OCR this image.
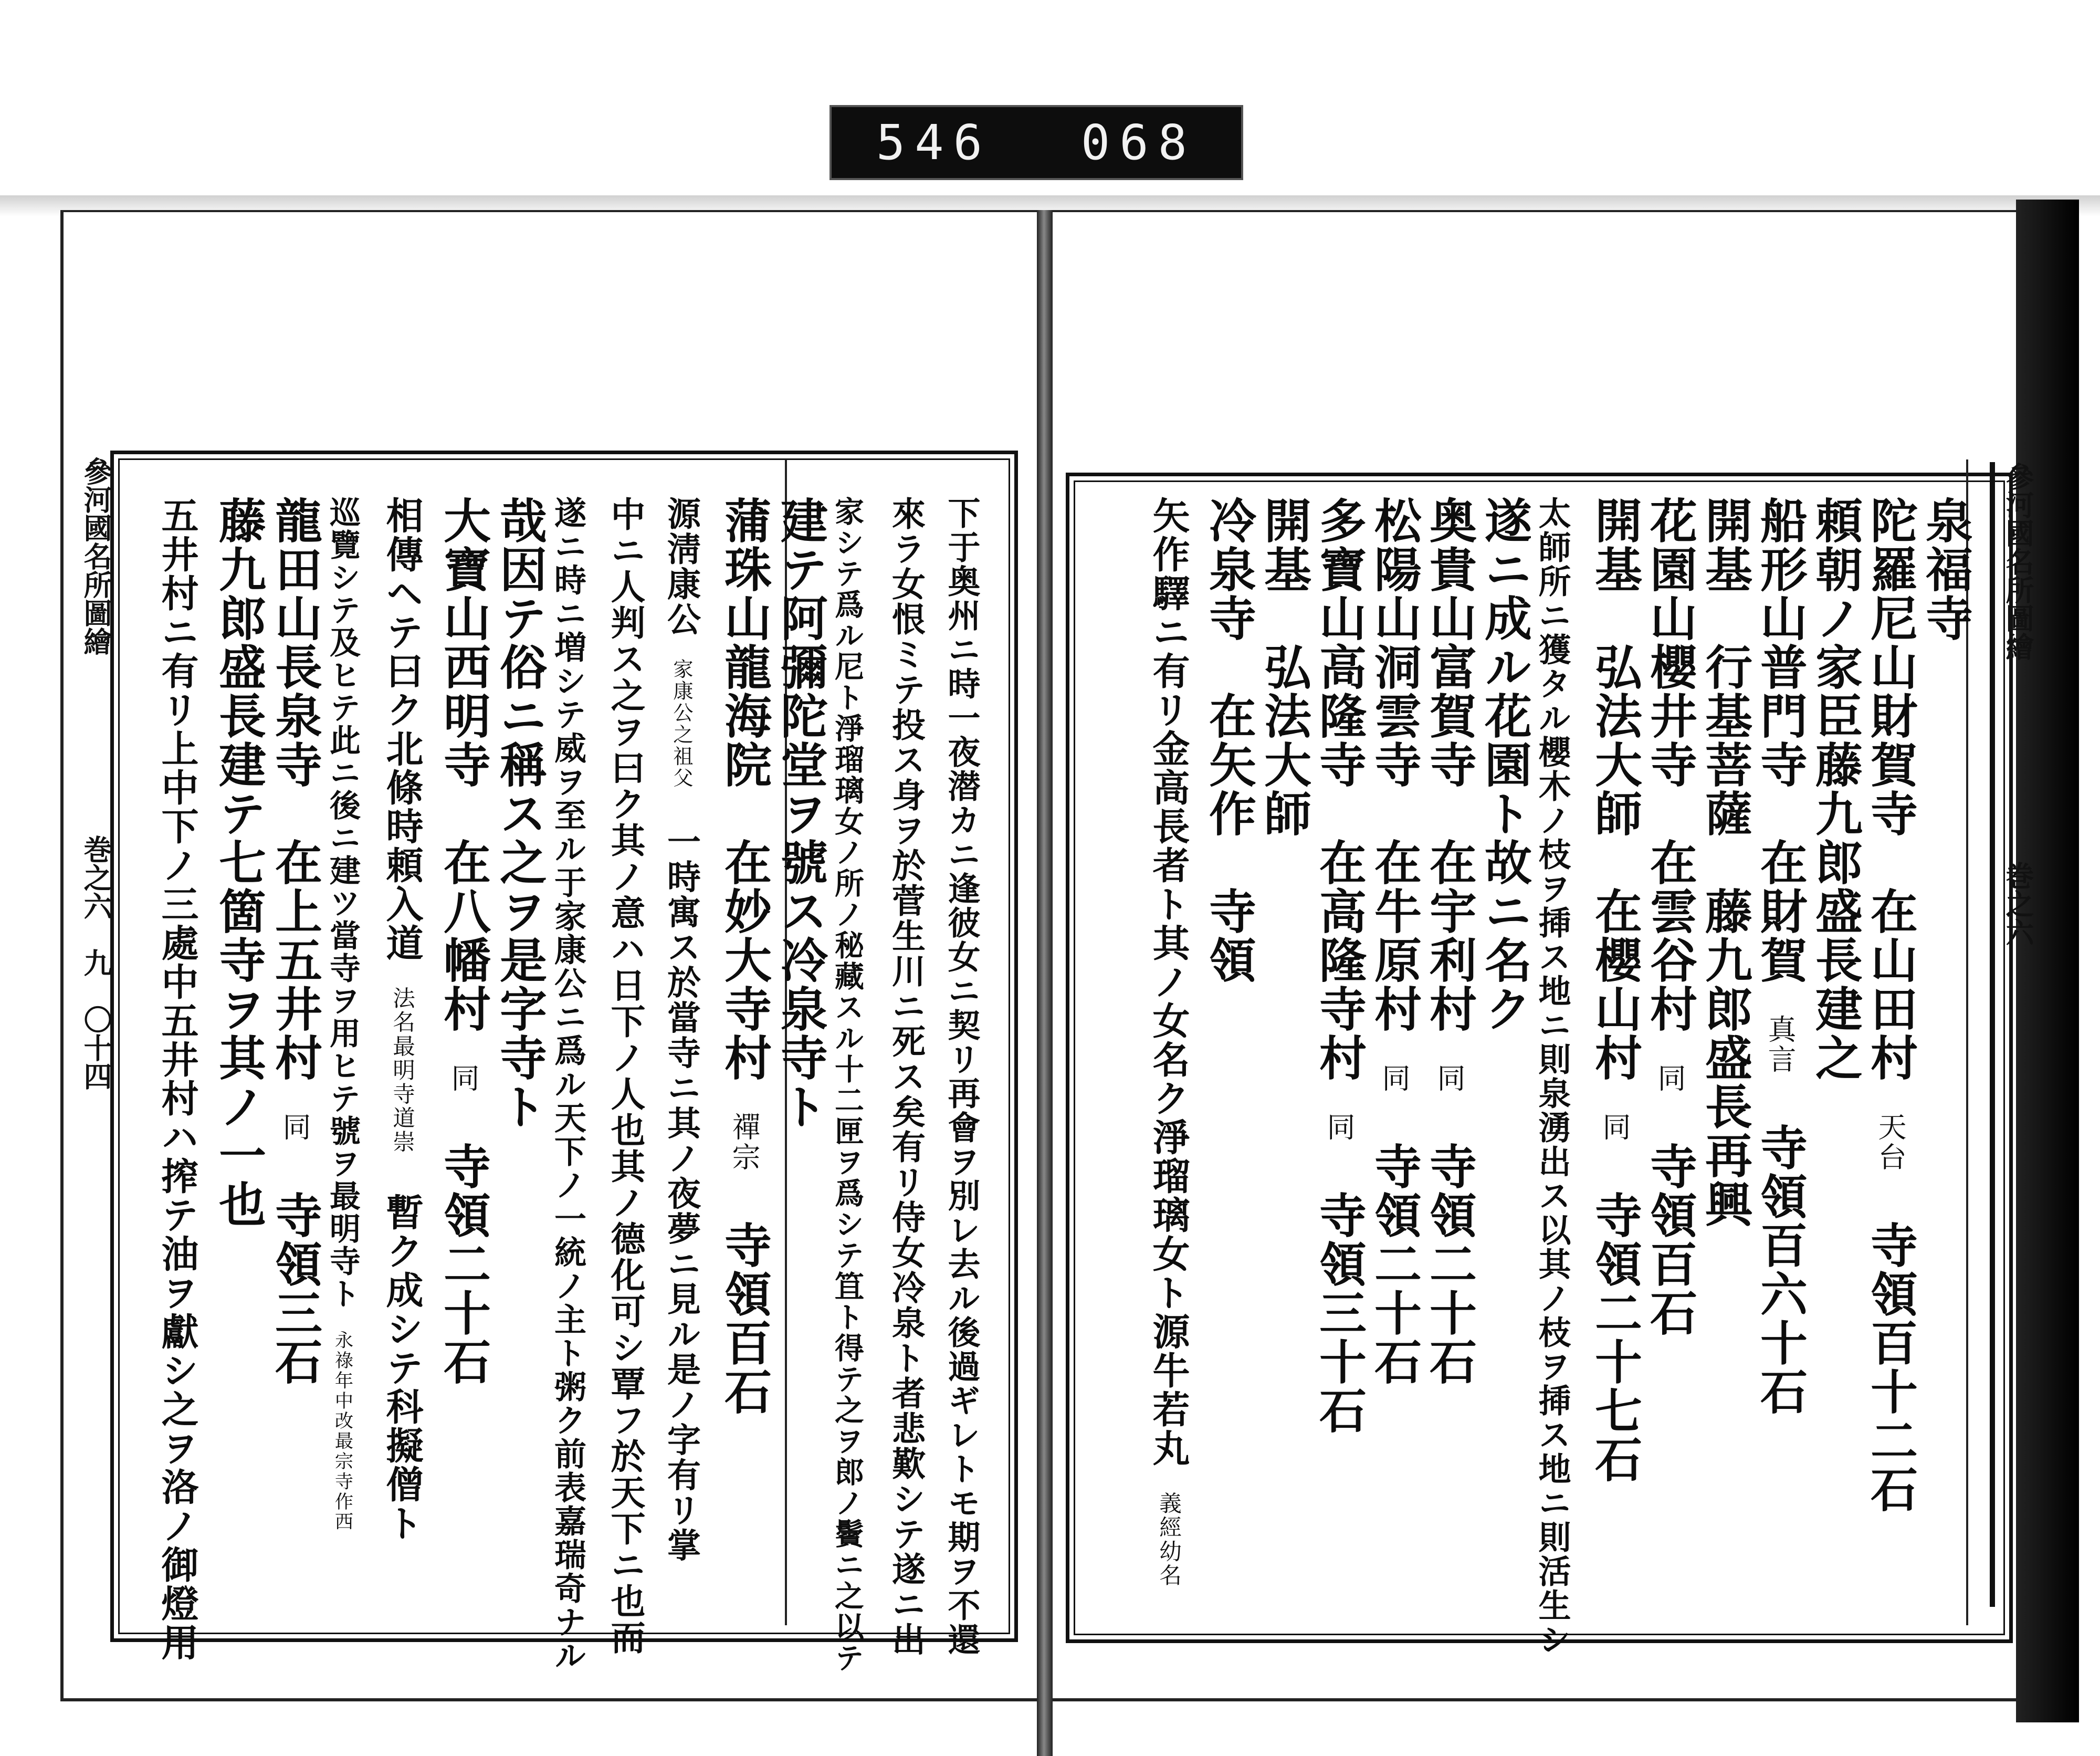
546 068
參河國名所圖繪
巻之六
參河國名所圖繪
巻之六　九　〇十四
泉福寺
陀羅尼山財賀寺　在山田村　天台　寺領百十二石
頼朝ノ家臣藤九郎盛長建之
船形山普門寺　在財賀　真言　寺領百六十石
開基　行基菩薩　藤九郎盛長再興
花園山櫻井寺　在雲谷村　同　寺領百石
開基　弘法大師　在櫻山村　同　寺領二十七石
太師所ニ獲タル櫻木ノ枝ヲ揷ス地ニ則泉湧出ス以其ノ枝ヲ揷ス地ニ則活生シ
遂ニ成ル花園ト故ニ名ク
奥貴山富賀寺　在宇利村　同　寺領二十石
松陽山洞雲寺　在牛原村　同　寺領二十石
多寶山高隆寺　在高隆寺村　同　寺領三十石
開基　弘法大師
冷泉寺　在矢作　寺領
矢作驛ニ有リ金高長者ト其ノ女名ク淨瑠璃女ト源牛若丸　義經幼名
下于奥州ニ時一夜潜カニ逢彼女ニ契リ再會ヲ別レ去ル後過ギレトモ期ヲ不還
來ラ女恨ミテ投ス身ヲ於菅生川ニ死ス矣有リ侍女冷泉ト者悲歎シテ遂ニ出
家シテ爲ル尼ト淨瑠璃女ノ所ノ秘藏スル十二匣ヲ爲シテ笡ト得テ之ヲ郎ノ鬢ニ之以テ
建テ阿彌陀堂ヲ號ス冷泉寺ト
蒲珠山龍海院　在妙大寺村　禪宗　寺領百石
源淸康公　家康公之祖父　一時寓ス於當寺ニ其ノ夜夢ニ見ル是ノ字有リ掌
中ニ人判ス之ヲ曰ク其ノ意ハ日下ノ人也其ノ德化可シ覃フ於天下ニ也而
遂ニ時ニ増シテ威ヲ至ル于家康公ニ爲ル天下ノ一統ノ主ト粥ク前表嘉瑞奇ナル
哉因テ俗ニ稱ス之ヲ是字寺ト
大寶山西明寺　在八幡村　同　寺領二十石
相傳ヘテ曰ク北條時頼入道　法名最明寺道崇　暫ク成シテ科擬僧ト
巡覽シテ及ヒテ此ニ後ニ建ツ當寺ヲ用ヒテ號ヲ最明寺ト　永祿年中改最宗寺作西
龍田山長泉寺　在上五井村　同　寺領三石
藤九郎盛長建テ七箇寺ヲ其ノ一也
五井村ニ有リ上中下ノ三處中五井村ハ搾テ油ヲ獻シ之ヲ洛ノ御燈用
